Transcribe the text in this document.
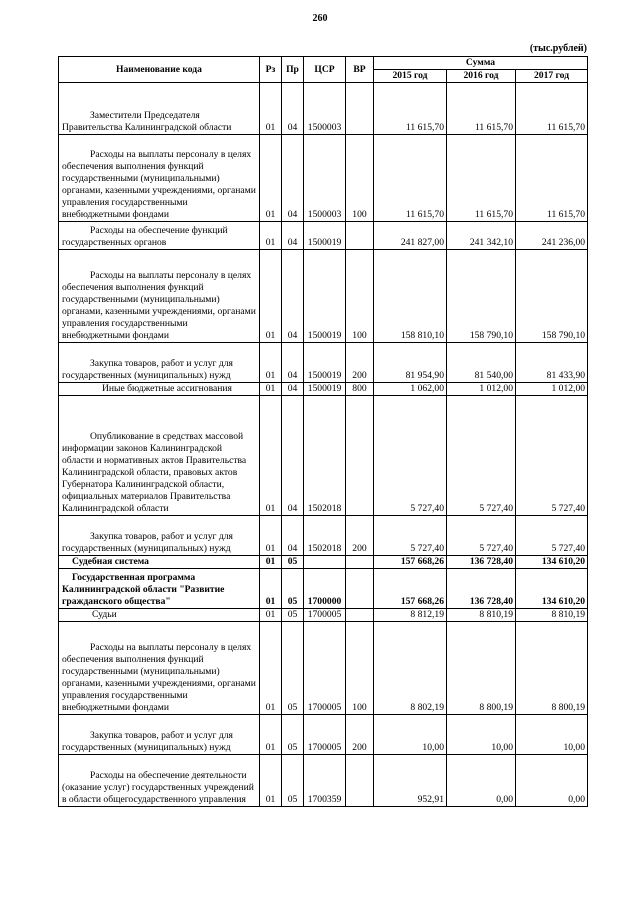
260
(тыс.рублей)
Наименование кода	Рз	Пр	ЦСР	ВР	Сумма		
					2015 год	2016 год	2017 год

Заместители Председателя Правительства Калининградской области	01	04	1500003		11 615,70	11 615,70	11 615,70

Расходы на выплаты персоналу в целях обеспечения выполнения функций государственными (муниципальными) органами, казенными учреждениями, органами управления государственными внебюджетными фондами	01	04	1500003	100	11 615,70	11 615,70	11 615,70

Расходы на обеспечение функций государственных органов	01	04	1500019		241 827,00	241 342,10	241 236,00

Расходы на выплаты персоналу в целях обеспечения выполнения функций государственными (муниципальными) органами, казенными учреждениями, органами управления государственными внебюджетными фондами	01	04	1500019	100	158 810,10	158 790,10	158 790,10

Закупка товаров, работ и услуг для государственных (муниципальных) нужд	01	04	1500019	200	81 954,90	81 540,00	81 433,90

Иные бюджетные ассигнования	01	04	1500019	800	1 062,00	1 012,00	1 012,00

Опубликование в средствах массовой информации законов Калининградской области и нормативных актов Правительства Калининградской области, правовых актов Губернатора Калининградской области, официальных материалов Правительства Калининградской области	01	04	1502018		5 727,40	5 727,40	5 727,40

Закупка товаров, работ и услуг для государственных (муниципальных) нужд	01	04	1502018	200	5 727,40	5 727,40	5 727,40

Судебная система	01	05			157 668,26	136 728,40	134 610,20

Государственная программа Калининградской области "Развитие гражданского общества"	01	05	1700000		157 668,26	136 728,40	134 610,20

Судьи	01	05	1700005		8 812,19	8 810,19	8 810,19

Расходы на выплаты персоналу в целях обеспечения выполнения функций государственными (муниципальными) органами, казенными учреждениями, органами управления государственными внебюджетными фондами	01	05	1700005	100	8 802,19	8 800,19	8 800,19

Закупка товаров, работ и услуг для государственных (муниципальных) нужд	01	05	1700005	200	10,00	10,00	10,00

Расходы на обеспечение деятельности (оказание услуг) государственных учреждений в области общегосударственного управления	01	05	1700359		952,91	0,00	0,00
